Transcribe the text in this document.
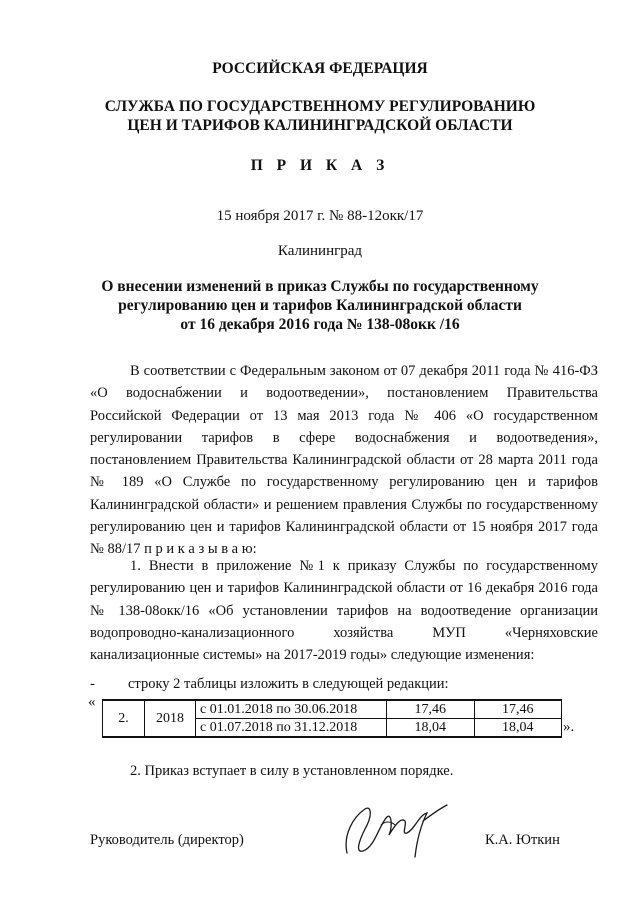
РОССИЙСКАЯ ФЕДЕРАЦИЯ
СЛУЖБА ПО ГОСУДАРСТВЕННОМУ РЕГУЛИРОВАНИЮ
ЦЕН И ТАРИФОВ КАЛИНИНГРАДСКОЙ ОБЛАСТИ
П Р И К А З
15 ноября 2017 г. № 88-12окк/17
Калининград
О внесении изменений в приказ Службы по государственному
регулированию цен и тарифов Калининградской области
от 16 декабря 2016 года № 138-08окк /16
В соответствии с Федеральным законом от 07 декабря 2011 года № 416-ФЗ «О водоснабжении и водоотведении», постановлением Правительства Российской Федерации от 13 мая 2013 года № 406 «О государственном регулировании тарифов в сфере водоснабжения и водоотведения», постановлением Правительства Калининградской области от 28 марта 2011 года № 189 «О Службе по государственному регулированию цен и тарифов Калининградской области» и решением правления Службы по государственному регулированию цен и тарифов Калининградской области от 15 ноября 2017 года № 88/17 п р и к а з ы в а ю:
1. Внести в приложение №1 к приказу Службы по государственному регулированию цен и тарифов Калининградской области от 16 декабря 2016 года № 138-08окк/16 «Об установлении тарифов на водоотведение организации водопроводно-канализационного хозяйства МУП «Черняховские канализационные системы» на 2017-2019 годы» следующие изменения:
- строку 2 таблицы изложить в следующей редакции:
«
2.	2018	с 01.01.2018 по 30.06.2018	17,46	17,46
		с 01.07.2018 по 31.12.2018	18,04	18,04 ».
2. Приказ вступает в силу в установленном порядке.
Руководитель (директор)	К.А. Юткин
